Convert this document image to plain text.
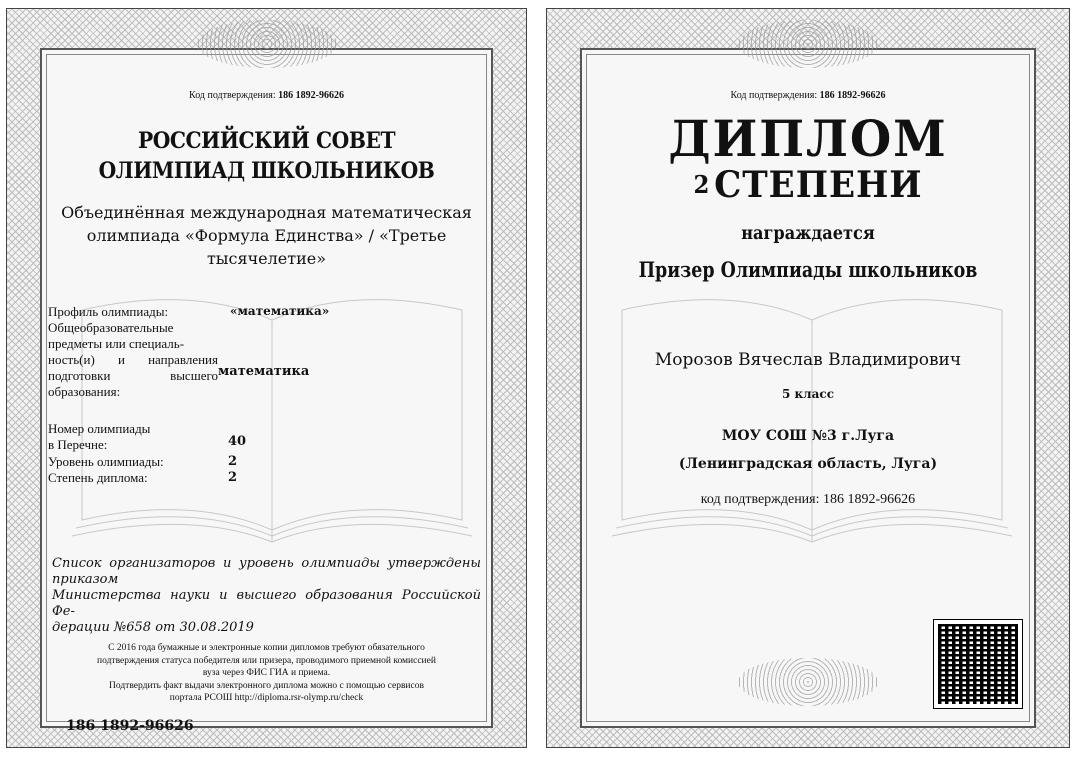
Код подтверждения: 186 1892-96626
РОССИЙСКИЙ СОВЕТ
ОЛИМПИАД ШКОЛЬНИКОВ
Объединённая международная математическая
олимпиада «Формула Единства» / «Третье
тысячелетие»
Профиль олимпиады:	«математика»
Общеобразовательные
предметы или специаль-
ность(и) и направления
подготовки высшего
образования:
математика
Номер олимпиады
в Перечне:	40
Уровень олимпиады:	2
Степень диплома:	2
Список организаторов и уровень олимпиады утверждены
приказом
Министерства науки и высшего образования Российской Фе-
дерации №658 от 30.08.2019
С 2016 года бумажные и электронные копии дипломов требуют обязательного
подтверждения статуса победителя или призера, проводимого приемной комиссией
вуза через ФИС ГИА и приема.
Подтвердить факт выдачи электронного диплома можно с помощью сервисов
портала РСОШ http://diploma.rsr-olymp.ru/check
186 1892-96626
Код подтверждения: 186 1892-96626
ДИПЛОМ
2 СТЕПЕНИ
награждается
Призер Олимпиады школьников
Морозов Вячеслав Владимирович
5 класс
МОУ СОШ №3 г.Луга
(Ленинградская область, Луга)
код подтверждения: 186 1892-96626
